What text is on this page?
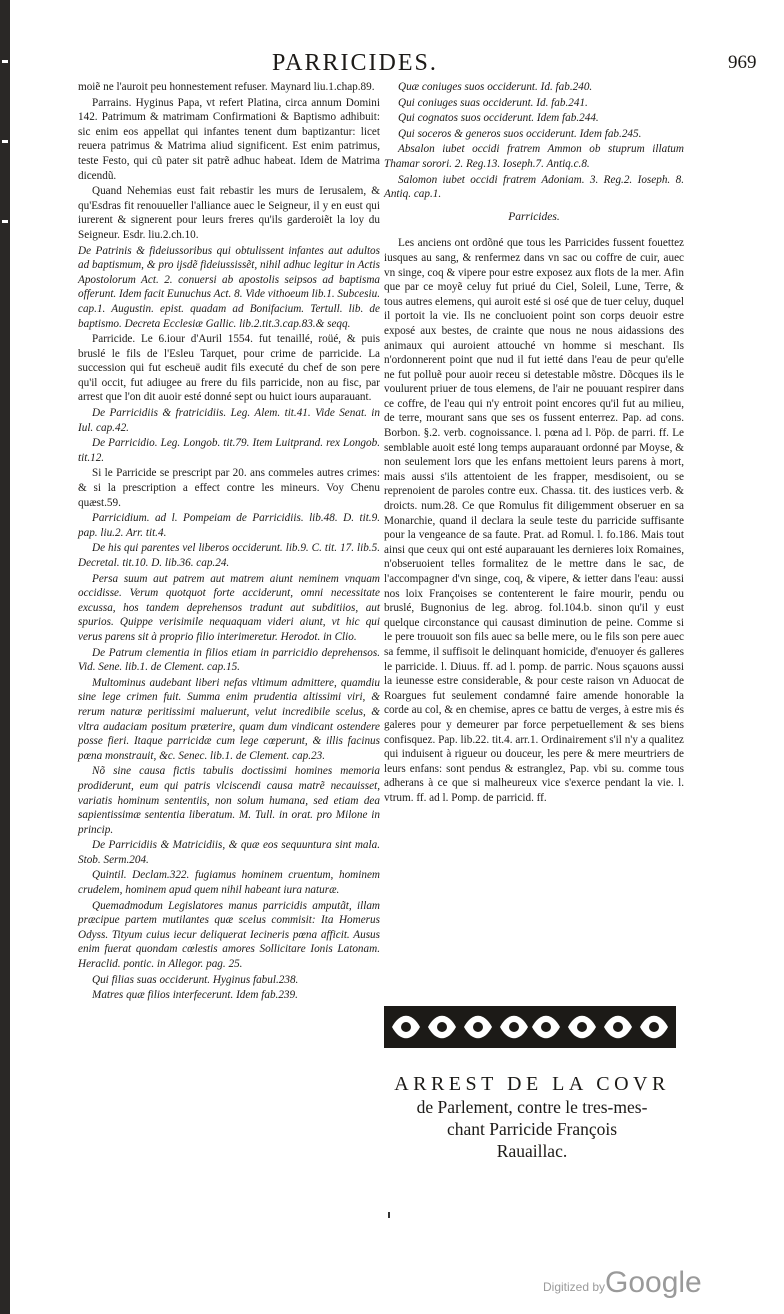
PARRICIDES.	969

moiẽ ne l'auroit peu honnestement refuser. Maynard liu.1.chap.89.

Parrains. Hyginus Papa, vt refert Platina, circa annum Domini 142. Patrimum & matrimam Confirmationi & Baptismo adhibuit: sic enim eos appellat qui infantes tenent dum baptizantur: licet reuera patrimus & Matrima aliud significent. Est enim patrimus, teste Festo, qui cũ pater sit patrẽ adhuc habeat. Idem de Matrima dicendũ.

Quand Nehemias eust fait rebastir les murs de Ierusalem, & qu'Esdras fit renouueller l'alliance auec le Seigneur, il y en eust qui iurerent & signerent pour leurs freres qu'ils garderoiẽt la loy du Seigneur. Esdr. liu.2.ch.10.

De Patrinis & fideiussoribus qui obtulissent infantes aut adultos ad baptismum, & pro ijsdẽ fideiussissẽt, nihil adhuc legitur in Actis Apostolorum Act. 2. conuersi ab apostolis seipsos ad baptisma offerunt. Idem facit Eunuchus Act. 8. Vide vithoeum lib.1. Subcesiu. cap.1. Augustin. epist. quadam ad Bonifacium. Tertull. lib. de baptismo. Decreta Ecclesiæ Gallic. lib.2.tit.3.cap.83.& seqq.

Parricide. Le 6.iour d'Auril 1554. fut tenaillé, roüé, & puis bruslé le fils de l'Esleu Tarquet, pour crime de parricide. La succession qui fut escheuë audit fils executé du chef de son pere qu'il occit, fut adiugee au frere du fils parricide, non au fisc, par arrest que l'on dit auoir esté donné sept ou huict iours auparauant.

De Parricidiis & fratricidiis. Leg. Alem. tit.41. Vide Senat. in Iul. cap.42.

De Parricidio. Leg. Longob. tit.79. Item Luitprand. rex Longob. tit.12.

Si le Parricide se prescript par 20. ans commeles autres crimes: & si la prescription a effect contre les mineurs. Voy Chenu quæst.59.

Parricidium. ad l. Pompeiam de Parricidiis. lib.48. D. tit.9. pap. liu.2. Arr. tit.4.

De his qui parentes vel liberos occiderunt. lib.9. C. tit. 17. lib.5. Decretal. tit.10. D. lib.36. cap.24.

Persa suum aut patrem aut matrem aiunt neminem vnquam occidisse. Verum quotquot forte acciderunt, omni necessitate excussa, hos tandem deprehensos tradunt aut subditiios, aut spurios. Quippe verisimile nequaquam videri aiunt, vt hic qui verus parens sit à proprio filio interimeretur. Herodot. in Clio.

De Patrum clementia in filios etiam in parricidio deprehensos. Vid. Sene. lib.1. de Clement. cap.15.

Multominus audebant liberi nefas vltimum admittere, quamdiu sine lege crimen fuit. Summa enim prudentia altissimi viri, & rerum naturæ peritissimi maluerunt, velut incredibile scelus, & vltra audaciam positum præterire, quam dum vindicant ostendere posse fieri. Itaque parricidæ cum lege cœperunt, & illis facinus pœna monstrauit, &c. Senec. lib.1. de Clement. cap.23.

Nõ sine causa fictis tabulis doctissimi homines memoria prodiderunt, eum qui patris vlciscendi causa matrẽ necauisset, variatis hominum sententiis, non solum humana, sed etiam dea sapientissimæ sententia liberatum. M. Tull. in orat. pro Milone in princip.

De Parricidiis & Matricidiis, & quæ eos sequuntura sint mala. Stob. Serm.204.

Quintil. Declam.322. fugiamus hominem cruentum, hominem crudelem, hominem apud quem nihil habeant iura naturæ.

Quemadmodum Legislatores manus parricidis amputãt, illam præcipue partem mutilantes quæ scelus commisit: Ita Homerus Odyss. Tityum cuius iecur deliquerat Iecineris pœna afficit. Ausus enim fuerat quondam cœlestis amores Sollicitare Ionis Latonam. Heraclid. pontic. in Allegor. pag. 25.

Qui filias suas occiderunt. Hyginus fabul.238.

Matres quæ filios interfecerunt. Idem fab.239.

Quæ coniuges suos occiderunt. Id. fab.240.

Qui coniuges suas occiderunt. Id. fab.241.

Qui cognatos suos occiderunt. Idem fab.244.

Qui soceros & generos suos occiderunt. Idem fab.245.

Absalon iubet occidi fratrem Ammon ob stuprum illatum Thamar sorori. 2. Reg.13. Ioseph.7. Antiq.c.8.

Salomon iubet occidi fratrem Adoniam. 3. Reg.2. Ioseph. 8. Antiq. cap.1.

Parricides.

Les anciens ont ordõné que tous les Parricides fussent fouettez iusques au sang, & renfermez dans vn sac ou coffre de cuir, auec vn singe, coq & vipere pour estre exposez aux flots de la mer. Afin que par ce moyẽ celuy fut priué du Ciel, Soleil, Lune, Terre, & tous autres elemens, qui auroit esté si osé que de tuer celuy, duquel il portoit la vie. Ils ne concluoient point son corps deuoir estre exposé aux bestes, de crainte que nous ne nous aidassions des animaux qui auroient attouché vn homme si meschant. Ils n'ordonnerent point que nud il fut ietté dans l'eau de peur qu'elle ne fut polluẽ pour auoir receu si detestable mõstre. Dõcques ils le voulurent priuer de tous elemens, de l'air ne pouuant respirer dans ce coffre, de l'eau qui n'y entroit point encores qu'il fut au milieu, de terre, mourant sans que ses os fussent enterrez. Pap. ad cons. Borbon. §.2. verb. cognoissance. l. pœna ad l. Pöp. de parri. ff. Le semblable auoit esté long temps auparauant ordonné par Moyse, & non seulement lors que les enfans mettoient leurs parens à mort, mais aussi s'ils attentoient de les frapper, mesdisoient, ou se reprenoient de paroles contre eux. Chassa. tit. des iustices verb. & droicts. num.28. Ce que Romulus fit diligemment obseruer en sa Monarchie, quand il declara la seule teste du parricide suffisante pour la vengeance de sa faute. Prat. ad Romul. l. fo.186. Mais tout ainsi que ceux qui ont esté auparauant les dernieres loix Romaines, n'obseruoient telles formalitez de le mettre dans le sac, de l'accompagner d'vn singe, coq, & vipere, & ietter dans l'eau: aussi nos loix Françoises se contenterent le faire mourir, pendu ou bruslé, Bugnonius de leg. abrog. fol.104.b. sinon qu'il y eust quelque circonstance qui causast diminution de peine. Comme si le pere trouuoit son fils auec sa belle mere, ou le fils son pere auec sa femme, il suffisoit le delinquant homicide, d'enuoyer és galleres le parricide. l. Diuus. ff. ad l. pomp. de parric. Nous sçauons aussi la ieunesse estre considerable, & pour ceste raison vn Aduocat de Roargues fut seulement condamné faire amende honorable la corde au col, & en chemise, apres ce battu de verges, à estre mis és galeres pour y demeurer par force perpetuellement & ses biens confisquez. Pap. lib.22. tit.4. arr.1. Ordinairement s'il n'y a qualitez qui induisent à rigueur ou douceur, les pere & mere meurtriers de leurs enfans: sont pendus & estranglez, Pap. vbi su. comme tous adherans à ce que si malheureux vice s'exerce pendant la vie. l. vtrum. ff. ad l. Pomp. de parricid. ff.

ARREST DE LA COVR
de Parlement, contre le tres-mes-
chant Parricide François
Rauaillac.
Digitized by Google
